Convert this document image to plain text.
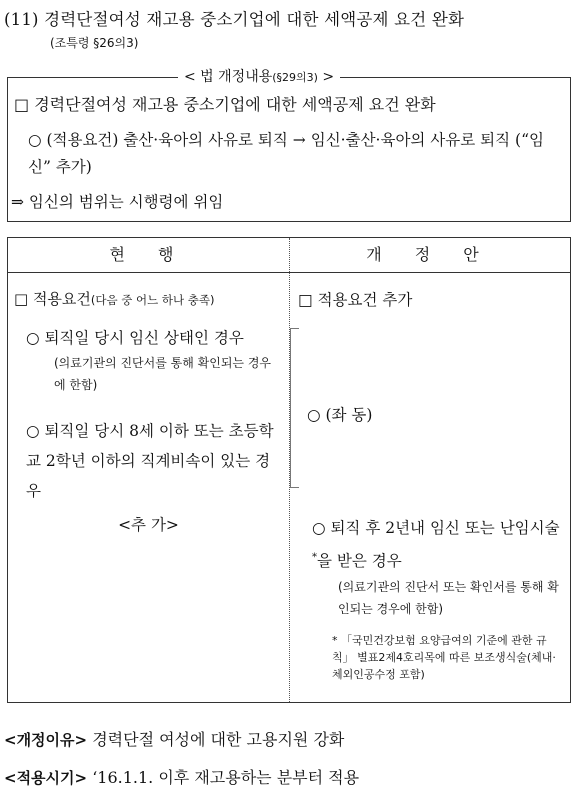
(11) 경력단절여성 재고용 중소기업에 대한 세액공제 요건 완화
(조특령 §26의3)
< 법 개정내용(§29의3) >
□ 경력단절여성 재고용 중소기업에 대한 세액공제 요건 완화
○ (적용요건) 출산·육아의 사유로 퇴직 → 임신·출산·육아의 사유로 퇴직 (“임신” 추가)
⇒ 임신의 범위는 시행령에 위임
현 행	개 정 안
□ 적용요건(다음 중 어느 하나 충족)
○ 퇴직일 당시 임신 상태인 경우
(의료기관의 진단서를 통해 확인되는 경우에 한함)
○ 퇴직일 당시 8세 이하 또는 초등학교 2학년 이하의 직계비속이 있는 경우
<추 가>
□ 적용요건 추가
○ (좌 동)
○ 퇴직 후 2년내 임신 또는 난임시술*을 받은 경우
(의료기관의 진단서 또는 확인서를 통해 확인되는 경우에 한함)
* 「국민건강보험 요양급여의 기준에 관한 규칙」 별표2제4호리목에 따른 보조생식술(체내·체외인공수정 포함)
<개정이유> 경력단절 여성에 대한 고용지원 강화
<적용시기> ‘16.1.1. 이후 재고용하는 분부터 적용
